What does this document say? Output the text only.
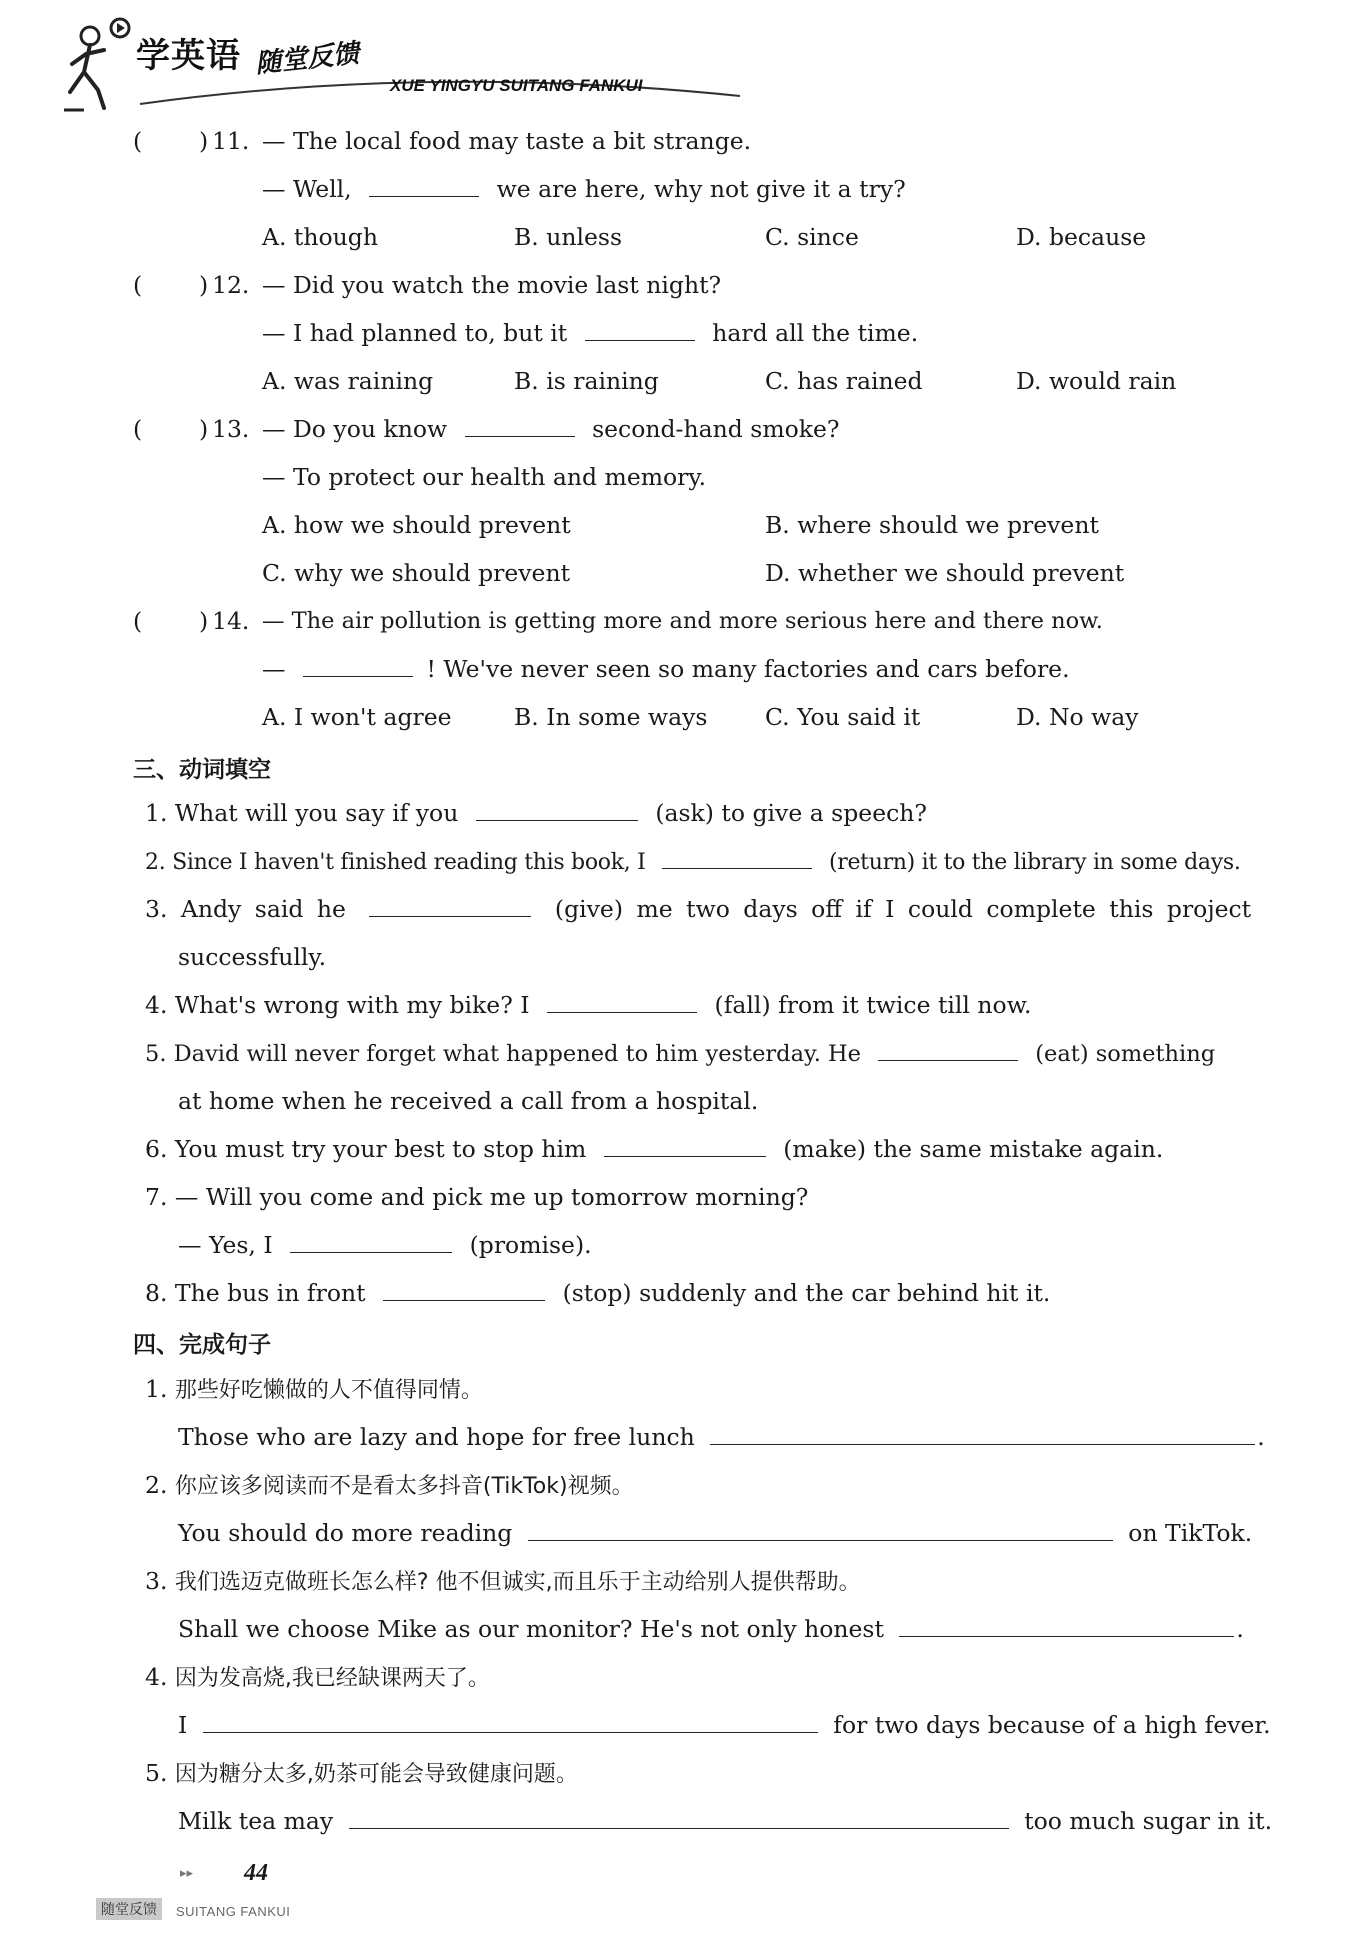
学英语 随堂反馈
XUE YINGYU SUITANG FANKUI
( ) 11. — The local food may taste a bit strange.
— Well,	we are here, why not give it a try?
A. though	B. unless	C. since	D. because
( ) 12. — Did you watch the movie last night?
— I had planned to, but it	hard all the time.
A. was raining	B. is raining	C. has rained	D. would rain
( ) 13. — Do you know	second-hand smoke?
— To protect our health and memory.
A. how we should prevent	B. where should we prevent
C. why we should prevent	D. whether we should prevent
( ) 14. — The air pollution is getting more and more serious here and there now.
—	! We've never seen so many factories and cars before.
A. I won't agree	B. In some ways C. You said it	D. No way
三、动词填空
1. What will you say if you	(ask) to give a speech?
2. Since I haven't finished reading this book, I	(return) it to the library in some days.
3. Andy said he	(give) me two days off if I could complete this project
successfully.
4. What's wrong with my bike? I	(fall) from it twice till now.
5. David will never forget what happened to him yesterday. He	(eat) something
at home when he received a call from a hospital.
6. You must try your best to stop him	(make) the same mistake again.
7. — Will you come and pick me up tomorrow morning?
— Yes, I	(promise).
8. The bus in front	(stop) suddenly and the car behind hit it.
四、完成句子
1. 那些好吃懒做的人不值得同情。
Those who are lazy and hope for free lunch	.
2. 你应该多阅读而不是看太多抖音(TikTok)视频。
You should do more reading	on TikTok.
3. 我们选迈克做班长怎么样? 他不但诚实,而且乐于主动给别人提供帮助。
Shall we choose Mike as our monitor? He's not only honest	.
4. 因为发高烧,我已经缺课两天了。
I	for two days because of a high fever.
5. 因为糖分太多,奶茶可能会导致健康问题。
Milk tea may	too much sugar in it.
▸▸ 44
随堂反馈	SUITANG FANKUI
